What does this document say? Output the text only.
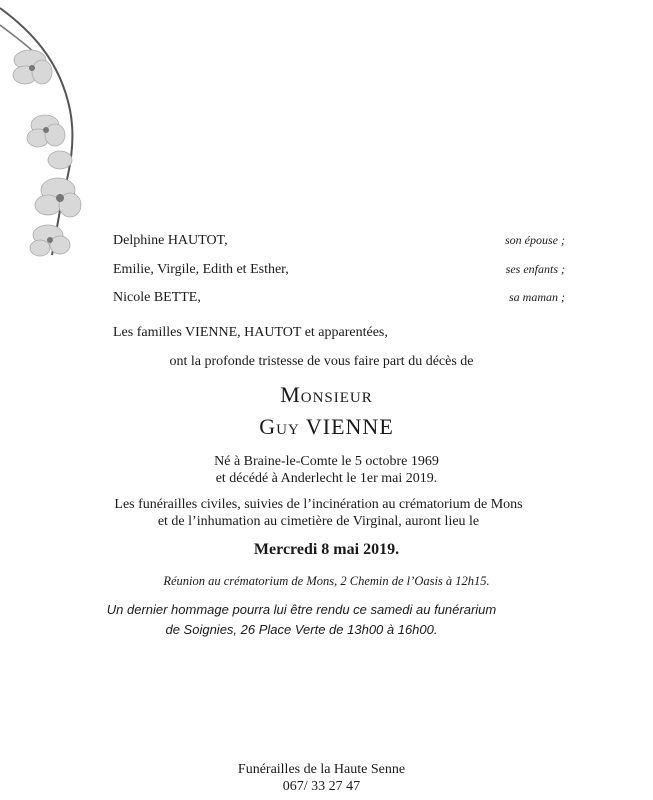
Delphine HAUTOT,	son épouse ;
Emilie, Virgile, Edith et Esther,	ses enfants ;
Nicole BETTE,	sa maman ;
Les familles VIENNE, HAUTOT et apparentées,
ont la profonde tristesse de vous faire part du décès de
Monsieur
Guy VIENNE
Né à Braine-le-Comte le 5 octobre 1969
et décédé à Anderlecht le 1er mai 2019.
Les funérailles civiles, suivies de l’incinération au crématorium de Mons
et de l’inhumation au cimetière de Virginal, auront lieu le
Mercredi 8 mai 2019.
Réunion au crématorium de Mons, 2 Chemin de l’Oasis à 12h15.
Un dernier hommage pourra lui être rendu ce samedi au funérarium
de Soignies, 26 Place Verte de 13h00 à 16h00.
Funérailles de la Haute Senne
067/ 33 27 47
